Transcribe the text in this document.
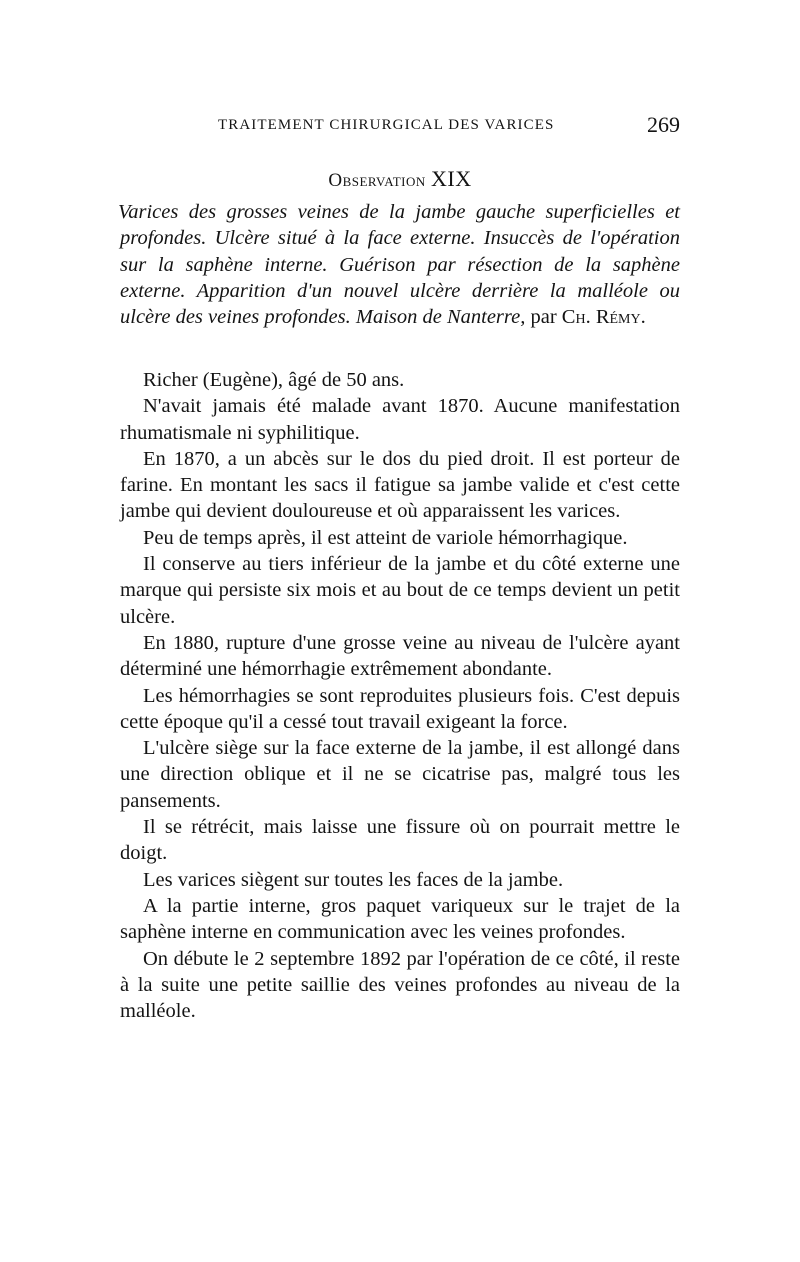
TRAITEMENT CHIRURGICAL DES VARICES	269
Observation XIX

Varices des grosses veines de la jambe gauche superficielles et profondes. Ulcère situé à la face externe. Insuccès de l'opération sur la saphène interne. Guérison par résection de la saphène externe. Apparition d'un nouvel ulcère derrière la malléole ou ulcère des veines profondes. Maison de Nanterre, par Ch. Rémy.

Richer (Eugène), âgé de 50 ans.

N'avait jamais été malade avant 1870. Aucune manifestation rhumatismale ni syphilitique.

En 1870, a un abcès sur le dos du pied droit. Il est porteur de farine. En montant les sacs il fatigue sa jambe valide et c'est cette jambe qui devient douloureuse et où apparaissent les varices.

Peu de temps après, il est atteint de variole hémorrhagique.

Il conserve au tiers inférieur de la jambe et du côté externe une marque qui persiste six mois et au bout de ce temps devient un petit ulcère.

En 1880, rupture d'une grosse veine au niveau de l'ulcère ayant déterminé une hémorrhagie extrêmement abondante.

Les hémorrhagies se sont reproduites plusieurs fois. C'est depuis cette époque qu'il a cessé tout travail exigeant la force.

L'ulcère siège sur la face externe de la jambe, il est allongé dans une direction oblique et il ne se cicatrise pas, malgré tous les pansements.

Il se rétrécit, mais laisse une fissure où on pourrait mettre le doigt.

Les varices siègent sur toutes les faces de la jambe.

A la partie interne, gros paquet variqueux sur le trajet de la saphène interne en communication avec les veines profondes.

On débute le 2 septembre 1892 par l'opération de ce côté, il reste à la suite une petite saillie des veines profondes au niveau de la malléole.
